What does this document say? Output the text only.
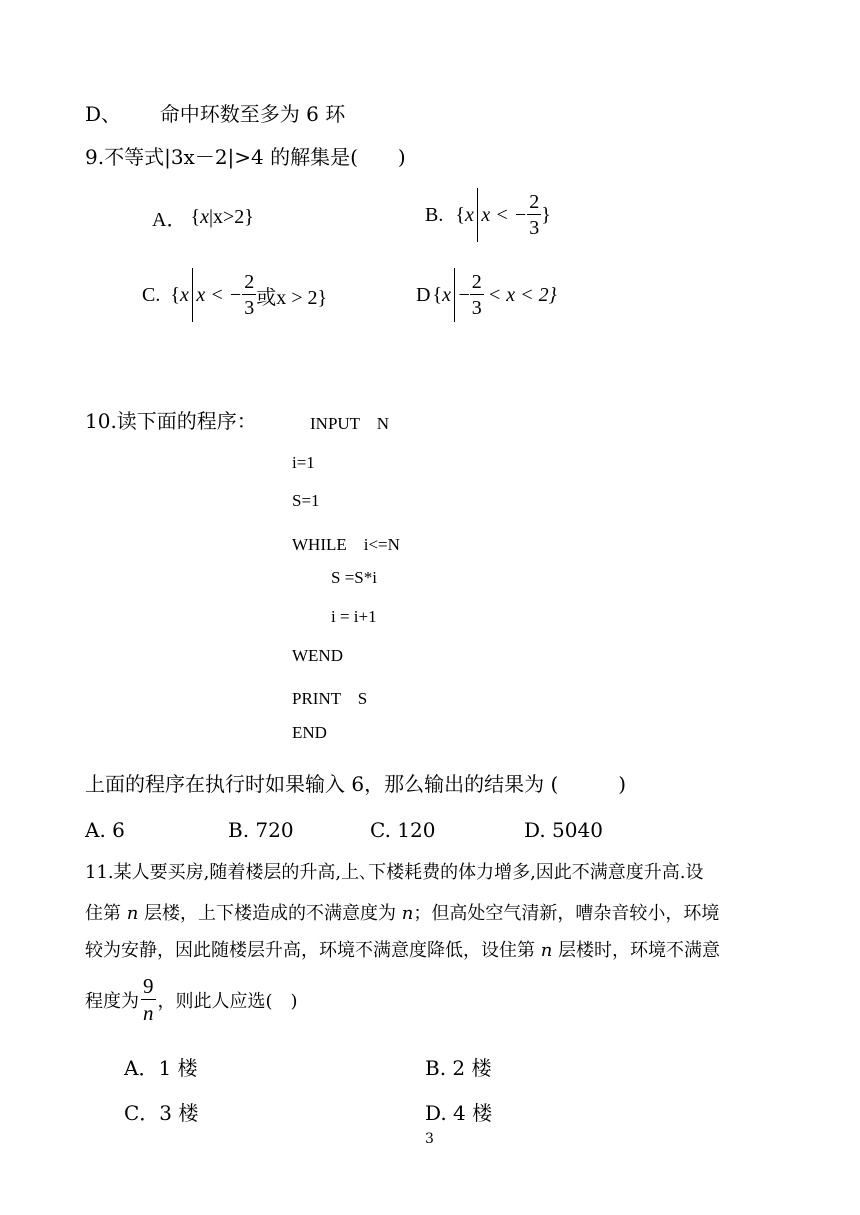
D、 命中环数至多为 6 环
9.不等式|3x－2|>4 的解集是(　　)
A． { x | x>2}	B. { x x < − $\frac{2}{3}$ }
C. { x x < − $\frac{2}{3}$ 或x > 2}	D { $x - \frac{2}{3} < x < 2$}
10.读下面的程序：	INPUT　N
i=1
S=1
WHILE　i<=N
S =S*i
i = i+1
WEND
PRINT　S
END
上面的程序在执行时如果输入 6，那么输出的结果为 (　　　)
A. 6	B. 720	C. 120	D. 5040
11.某人要买房,随着楼层的升高,上､下楼耗费的体力增多,因此不满意度升高.设
住第 n 层楼，上下楼造成的不满意度为 n；但高处空气清新，嘈杂音较小，环境
较为安静，因此随楼层升高，环境不满意度降低，设住第 n 层楼时，环境不满意
程度为 $\frac{9}{n}$ ，则此人应选(　)
A．1 楼	B. 2 楼
C．3 楼	D. 4 楼
3
